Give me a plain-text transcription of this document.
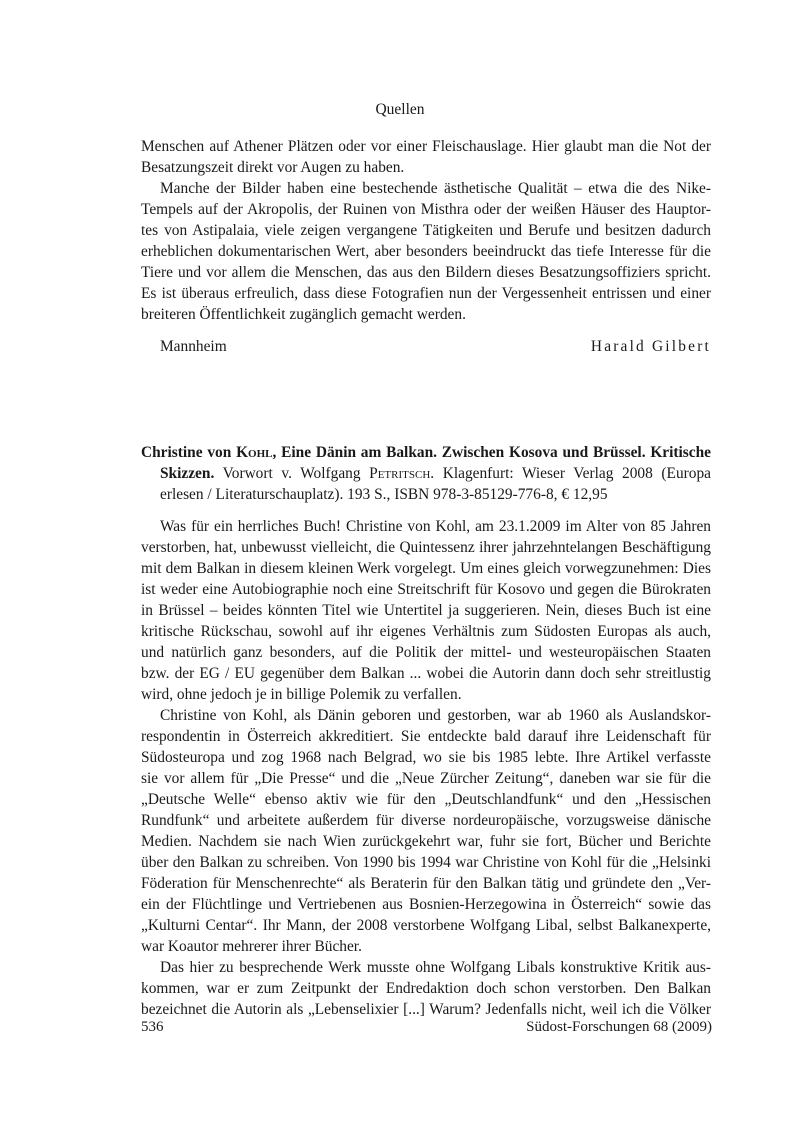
Quellen
Menschen auf Athener Plätzen oder vor einer Fleischauslage. Hier glaubt man die Not der
Besatzungszeit direkt vor Augen zu haben.
Manche der Bilder haben eine bestechende ästhetische Qualität – etwa die des Nike-
Tempels auf der Akropolis, der Ruinen von Misthra oder der weißen Häuser des Hauptor-
tes von Astipalaia, viele zeigen vergangene Tätigkeiten und Berufe und besitzen dadurch
erheblichen dokumentarischen Wert, aber besonders beeindruckt das tiefe Interesse für die
Tiere und vor allem die Menschen, das aus den Bildern dieses Besatzungsoffiziers spricht.
Es ist überaus erfreulich, dass diese Fotografien nun der Vergessenheit entrissen und einer
breiteren Öffentlichkeit zugänglich gemacht werden.
Mannheim	Harald Gilbert
Christine von Kohl, Eine Dänin am Balkan. Zwischen Kosova und Brüssel. Kritische
Skizzen. Vorwort v. Wolfgang Petritsch. Klagenfurt: Wieser Verlag 2008 (Europa
erlesen / Literaturschauplatz). 193 S., ISBN 978-3-85129-776-8, € 12,95
Was für ein herrliches Buch! Christine von Kohl, am 23.1.2009 im Alter von 85 Jahren
verstorben, hat, unbewusst vielleicht, die Quintessenz ihrer jahrzehntelangen Beschäftigung
mit dem Balkan in diesem kleinen Werk vorgelegt. Um eines gleich vorwegzunehmen: Dies
ist weder eine Autobiographie noch eine Streitschrift für Kosovo und gegen die Bürokraten
in Brüssel – beides könnten Titel wie Untertitel ja suggerieren. Nein, dieses Buch ist eine
kritische Rückschau, sowohl auf ihr eigenes Verhältnis zum Südosten Europas als auch,
und natürlich ganz besonders, auf die Politik der mittel- und westeuropäischen Staaten
bzw. der EG / EU gegenüber dem Balkan ... wobei die Autorin dann doch sehr streitlustig
wird, ohne jedoch je in billige Polemik zu verfallen.
Christine von Kohl, als Dänin geboren und gestorben, war ab 1960 als Auslandskor-
respondentin in Österreich akkreditiert. Sie entdeckte bald darauf ihre Leidenschaft für
Südosteuropa und zog 1968 nach Belgrad, wo sie bis 1985 lebte. Ihre Artikel verfasste
sie vor allem für „Die Presse“ und die „Neue Zürcher Zeitung“, daneben war sie für die
„Deutsche Welle“ ebenso aktiv wie für den „Deutschlandfunk“ und den „Hessischen
Rundfunk“ und arbeitete außerdem für diverse nordeuropäische, vorzugsweise dänische
Medien. Nachdem sie nach Wien zurückgekehrt war, fuhr sie fort, Bücher und Berichte
über den Balkan zu schreiben. Von 1990 bis 1994 war Christine von Kohl für die „Helsinki
Föderation für Menschenrechte“ als Beraterin für den Balkan tätig und gründete den „Ver-
ein der Flüchtlinge und Vertriebenen aus Bosnien-Herzegowina in Österreich“ sowie das
„Kulturni Centar“. Ihr Mann, der 2008 verstorbene Wolfgang Libal, selbst Balkanexperte,
war Koautor mehrerer ihrer Bücher.
Das hier zu besprechende Werk musste ohne Wolfgang Libals konstruktive Kritik aus-
kommen, war er zum Zeitpunkt der Endredaktion doch schon verstorben. Den Balkan
bezeichnet die Autorin als „Lebenselixier [...] Warum? Jedenfalls nicht, weil ich die Völker
536	Südost-Forschungen 68 (2009)
